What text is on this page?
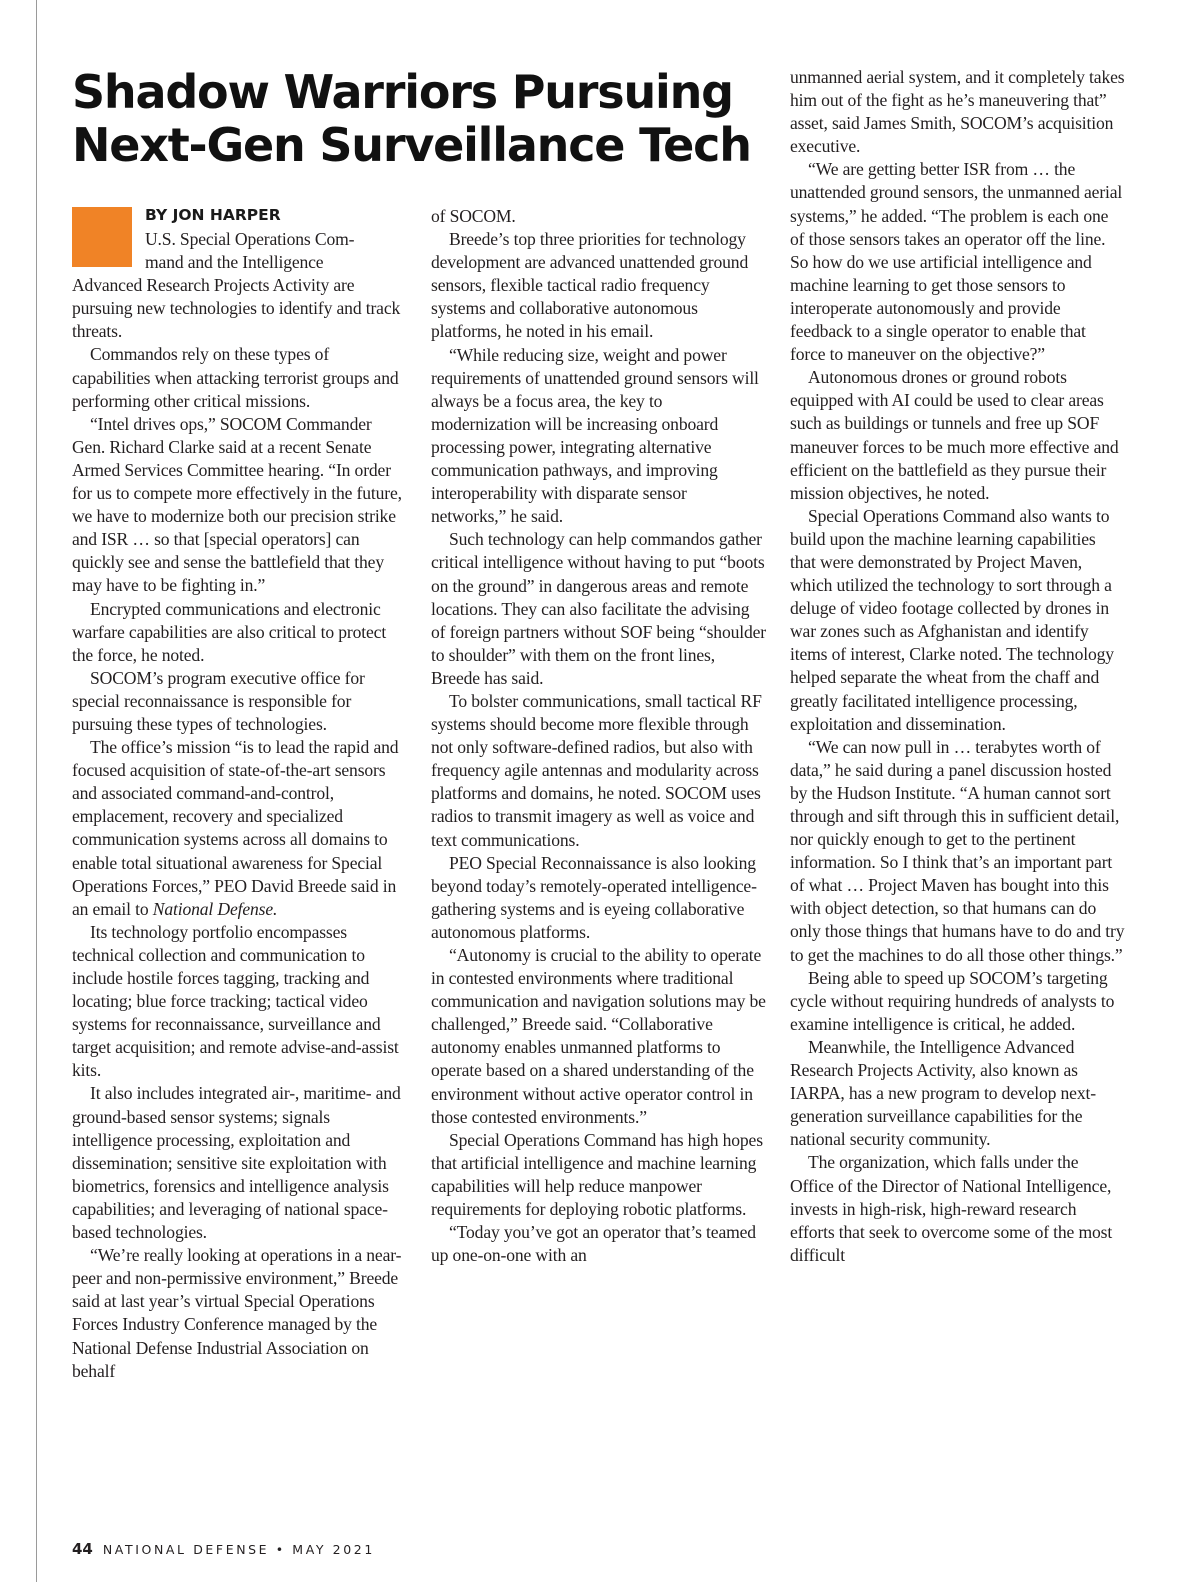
Shadow Warriors Pursuing
Next-Gen Surveillance Tech
BY JON HARPER

U.S. Special Operations Com-
mand and the Intelligence
Advanced Research Projects Activity are pursuing new technologies to identify and track threats.

Commandos rely on these types of capabilities when attacking terrorist groups and performing other critical missions.

“Intel drives ops,” SOCOM Commander Gen. Richard Clarke said at a recent Senate Armed Services Committee hearing. “In order for us to compete more effectively in the future, we have to modernize both our precision strike and ISR … so that [special operators] can quickly see and sense the battlefield that they may have to be fighting in.”

Encrypted communications and electronic warfare capabilities are also critical to protect the force, he noted.

SOCOM’s program executive office for special reconnaissance is responsible for pursuing these types of technologies.

The office’s mission “is to lead the rapid and focused acquisition of state-of-the-art sensors and associated command-and-control, emplacement, recovery and specialized communication systems across all domains to enable total situational awareness for Special Operations Forces,” PEO David Breede said in an email to National Defense.

Its technology portfolio encompasses technical collection and communication to include hostile forces tagging, tracking and locating; blue force tracking; tactical video systems for reconnaissance, surveillance and target acquisition; and remote advise-and-assist kits.

It also includes integrated air-, maritime- and ground-based sensor systems; signals intelligence processing, exploitation and dissemination; sensitive site exploitation with biometrics, forensics and intelligence analysis capabilities; and leveraging of national space-based technologies.

“We’re really looking at operations in a near-peer and non-permissive environment,” Breede said at last year’s virtual Special Operations Forces Industry Conference managed by the National Defense Industrial Association on behalf

of SOCOM.

Breede’s top three priorities for technology development are advanced unattended ground sensors, flexible tactical radio frequency systems and collaborative autonomous platforms, he noted in his email.

“While reducing size, weight and power requirements of unattended ground sensors will always be a focus area, the key to modernization will be increasing onboard processing power, integrating alternative communication pathways, and improving interoperability with disparate sensor networks,” he said.

Such technology can help commandos gather critical intelligence without having to put “boots on the ground” in dangerous areas and remote locations. They can also facilitate the advising of foreign partners without SOF being “shoulder to shoulder” with them on the front lines, Breede has said.

To bolster communications, small tactical RF systems should become more flexible through not only software-defined radios, but also with frequency agile antennas and modularity across platforms and domains, he noted. SOCOM uses radios to transmit imagery as well as voice and text communications.

PEO Special Reconnaissance is also looking beyond today’s remotely-operated intelligence-gathering systems and is eyeing collaborative autonomous platforms.

“Autonomy is crucial to the ability to operate in contested environments where traditional communication and navigation solutions may be challenged,” Breede said. “Collaborative autonomy enables unmanned platforms to operate based on a shared understanding of the environment without active operator control in those contested environments.”

Special Operations Command has high hopes that artificial intelligence and machine learning capabilities will help reduce manpower requirements for deploying robotic platforms.

“Today you’ve got an operator that’s teamed up one-on-one with an

unmanned aerial system, and it completely takes him out of the fight as he’s maneuvering that” asset, said James Smith, SOCOM’s acquisition executive.

“We are getting better ISR from … the unattended ground sensors, the unmanned aerial systems,” he added. “The problem is each one of those sensors takes an operator off the line. So how do we use artificial intelligence and machine learning to get those sensors to interoperate autonomously and provide feedback to a single operator to enable that force to maneuver on the objective?”

Autonomous drones or ground robots equipped with AI could be used to clear areas such as buildings or tunnels and free up SOF maneuver forces to be much more effective and efficient on the battlefield as they pursue their mission objectives, he noted.

Special Operations Command also wants to build upon the machine learning capabilities that were demonstrated by Project Maven, which utilized the technology to sort through a deluge of video footage collected by drones in war zones such as Afghanistan and identify items of interest, Clarke noted. The technology helped separate the wheat from the chaff and greatly facilitated intelligence processing, exploitation and dissemination.

“We can now pull in … terabytes worth of data,” he said during a panel discussion hosted by the Hudson Institute. “A human cannot sort through and sift through this in sufficient detail, nor quickly enough to get to the pertinent information. So I think that’s an important part of what … Project Maven has bought into this with object detection, so that humans can do only those things that humans have to do and try to get the machines to do all those other things.”

Being able to speed up SOCOM’s targeting cycle without requiring hundreds of analysts to examine intelligence is critical, he added.

Meanwhile, the Intelligence Advanced Research Projects Activity, also known as IARPA, has a new program to develop next-generation surveillance capabilities for the national security community.

The organization, which falls under the Office of the Director of National Intelligence, invests in high-risk, high-reward research efforts that seek to overcome some of the most difficult

44 NATIONAL DEFENSE • MAY 2021
